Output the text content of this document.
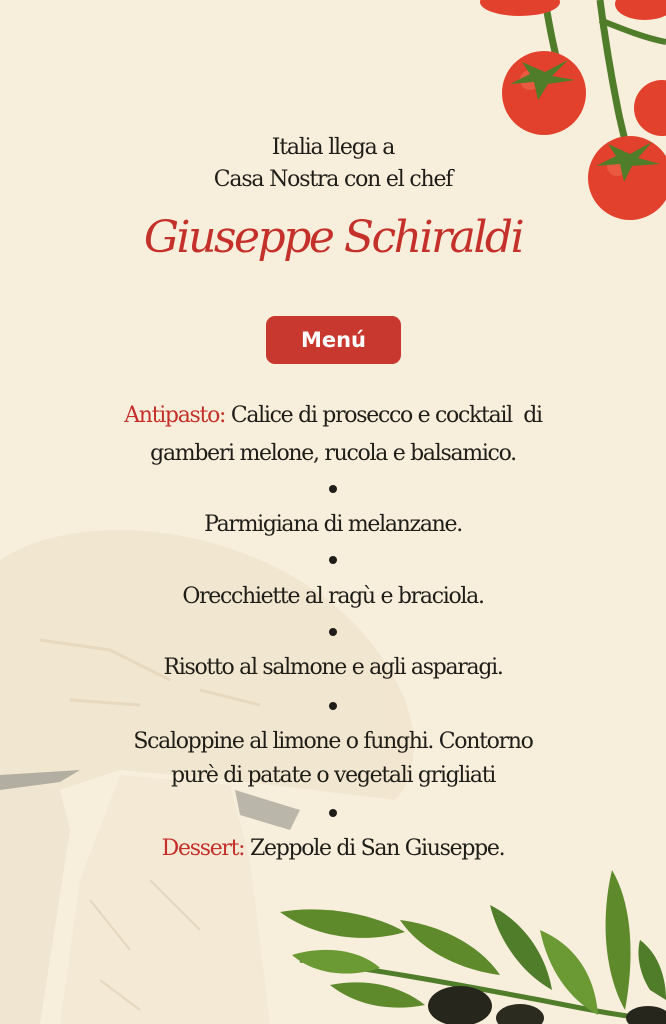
Italia llega a
Casa Nostra con el chef
Giuseppe Schiraldi
Menú
Antipasto: Calice di prosecco e cocktail  di
gamberi melone, rucola e balsamico.
Parmigiana di melanzane.
Orecchiette al ragù e braciola.
Risotto al salmone e agli asparagi.
Scaloppine al limone o funghi. Contorno
purè di patate o vegetali grigliati
Dessert: Zeppole di San Giuseppe.
